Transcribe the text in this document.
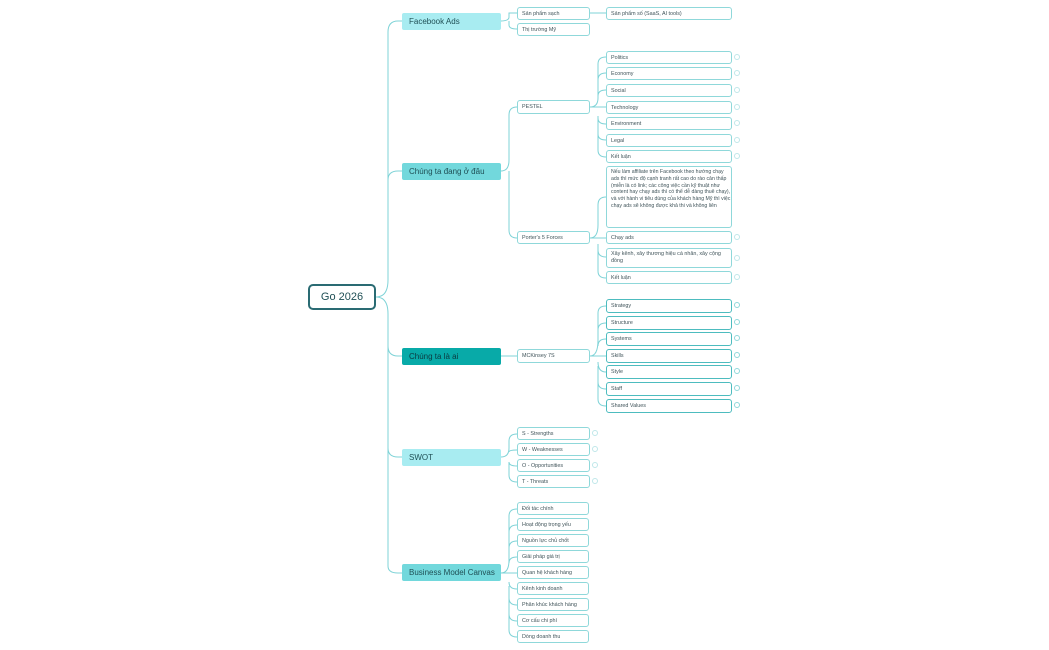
Go 2026
Facebook Ads
Chúng ta đang ở đâu
Chúng ta là ai
SWOT
Business Model Canvas
Sản phẩm sạch
Thị trường Mỹ
Sản phẩm số (SaaS, AI tools)
PESTEL
Porter's 5 Forces
Politics
Economy
Social
Technology
Environment
Legal
Kết luận
Nếu làm affiliate trên Facebook theo hướng chạy ads thì mức độ cạnh tranh rất cao do rào cản thấp (miễn là có link; các công việc cần kỹ thuật như content hay chạy ads thì có thể dễ dàng thuê chạy), và với hành vi tiêu dùng của khách hàng Mỹ thì việc chạy ads sẽ không được khả thi và không liên
Chạy ads
Xây kênh, xây thương hiệu cá nhân, xây cộng đồng
Kết luận
MCKinsey 7S
Strategy
Structure
Systems
Skills
Style
Staff
Shared Values
S - Strengths
W - Weaknesses
O - Opportunities
T - Threats
Đối tác chính
Hoạt động trọng yếu
Nguồn lực chủ chốt
Giải pháp giá trị
Quan hệ khách hàng
Kênh kinh doanh
Phân khúc khách hàng
Cơ cấu chi phí
Dòng doanh thu
